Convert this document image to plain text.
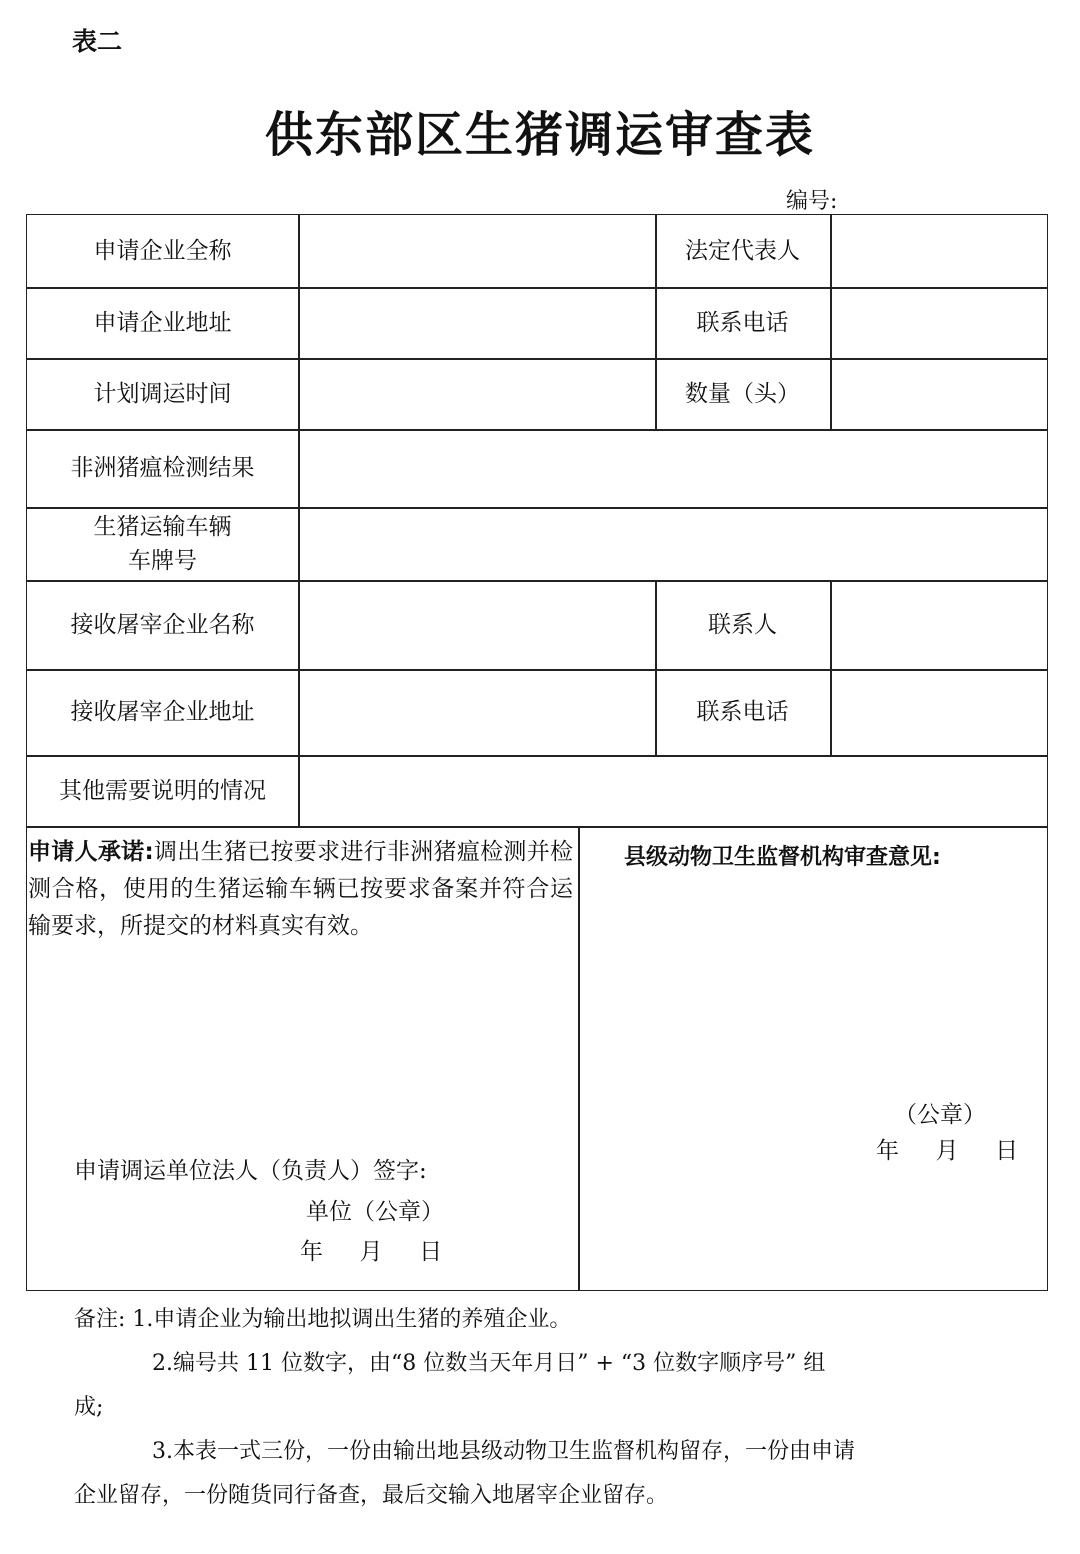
表二
供东部区生猪调运审查表
编号:
申请企业全称	法定代表人
申请企业地址	联系电话
计划调运时间	数量（头）
非洲猪瘟检测结果
生猪运输车辆
车牌号
接收屠宰企业名称	联系人
接收屠宰企业地址	联系电话
其他需要说明的情况
申请人承诺:调出生猪已按要求进行非洲猪瘟检测并检测合格，使用的生猪运输车辆已按要求备案并符合运输要求，所提交的材料真实有效。
申请调运单位法人（负责人）签字:
单位（公章）
年     月     日
县级动物卫生监督机构审查意见:
（公章）
年     月     日
备注: 1.申请企业为输出地拟调出生猪的养殖企业。
2.编号共 11 位数字，由“8 位数当天年月日” + “3 位数字顺序号” 组
成;
3.本表一式三份，一份由输出地县级动物卫生监督机构留存，一份由申请
企业留存，一份随货同行备查，最后交输入地屠宰企业留存。
